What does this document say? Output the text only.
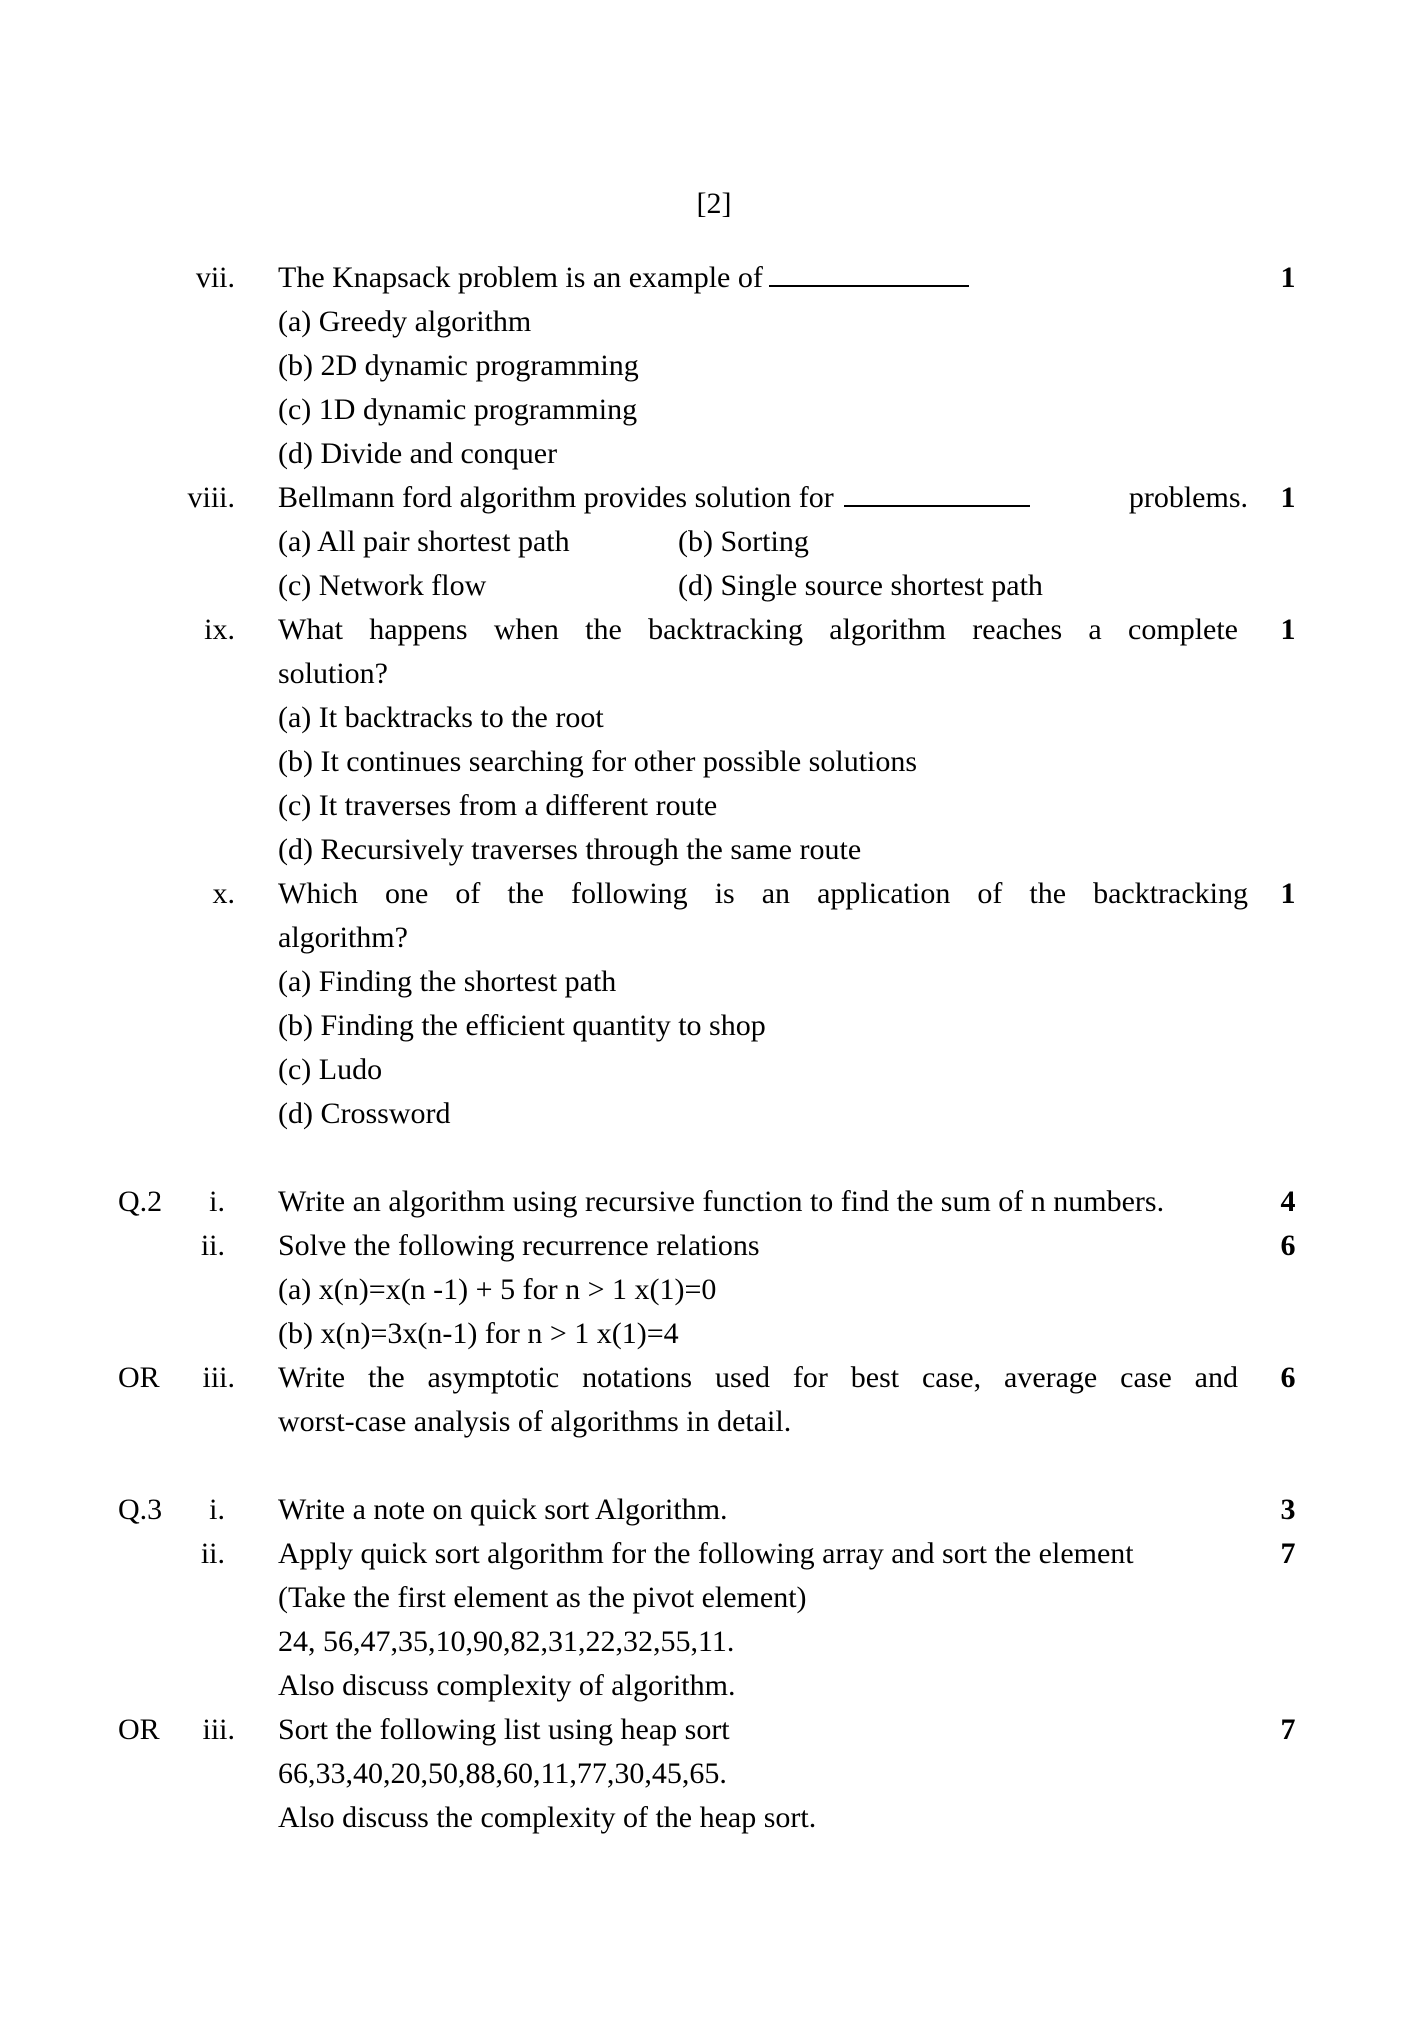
[2]
vii. The Knapsack problem is an example of	1
(a) Greedy algorithm
(b) 2D dynamic programming
(c) 1D dynamic programming
(d) Divide and conquer
viii. Bellmann ford algorithm provides solution for	problems.	1
(a) All pair shortest path	(b) Sorting
(c) Network flow	(d) Single source shortest path
ix. What happens when the backtracking algorithm reaches a complete	1
solution?
(a) It backtracks to the root
(b) It continues searching for other possible solutions
(c) It traverses from a different route
(d) Recursively traverses through the same route
x. Which one of the following is an application of the backtracking	1
algorithm?
(a) Finding the shortest path
(b) Finding the efficient quantity to shop
(c) Ludo
(d) Crossword
Q.2	i. Write an algorithm using recursive function to find the sum of n numbers.	4
ii. Solve the following recurrence relations	6
(a) x(n)=x(n -1) + 5 for n > 1 x(1)=0
(b) x(n)=3x(n-1) for n > 1 x(1)=4
OR	iii. Write the asymptotic notations used for best case, average case and	6
worst-case analysis of algorithms in detail.
Q.3	i. Write a note on quick sort Algorithm.	3
ii. Apply quick sort algorithm for the following array and sort the element	7
(Take the first element as the pivot element)
24, 56,47,35,10,90,82,31,22,32,55,11.
Also discuss complexity of algorithm.
OR	iii. Sort the following list using heap sort	7
66,33,40,20,50,88,60,11,77,30,45,65.
Also discuss the complexity of the heap sort.
